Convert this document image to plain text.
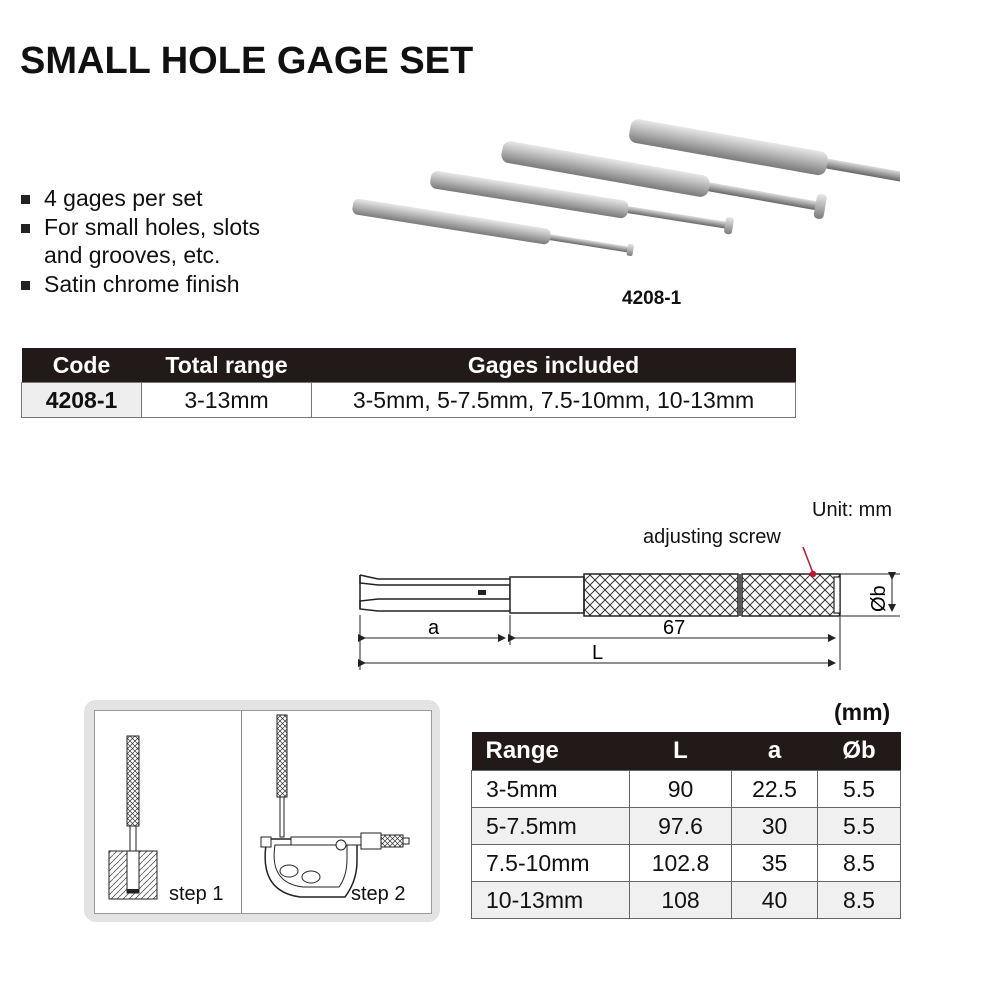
SMALL HOLE GAGE SET
4 gages per set
For small holes, slots
and grooves, etc.
Satin chrome finish
4208-1
Code	Total range	Gages included
4208-1	3-13mm	3-5mm, 5-7.5mm, 7.5-10mm, 10-13mm
Unit: mm
adjusting screw
Øb
a	67
L
step 1	step 2
(mm)
Range	L	a	Øb
3-5mm	90	22.5	5.5
5-7.5mm	97.6	30	5.5
7.5-10mm	102.8	35	8.5
10-13mm	108	40	8.5
